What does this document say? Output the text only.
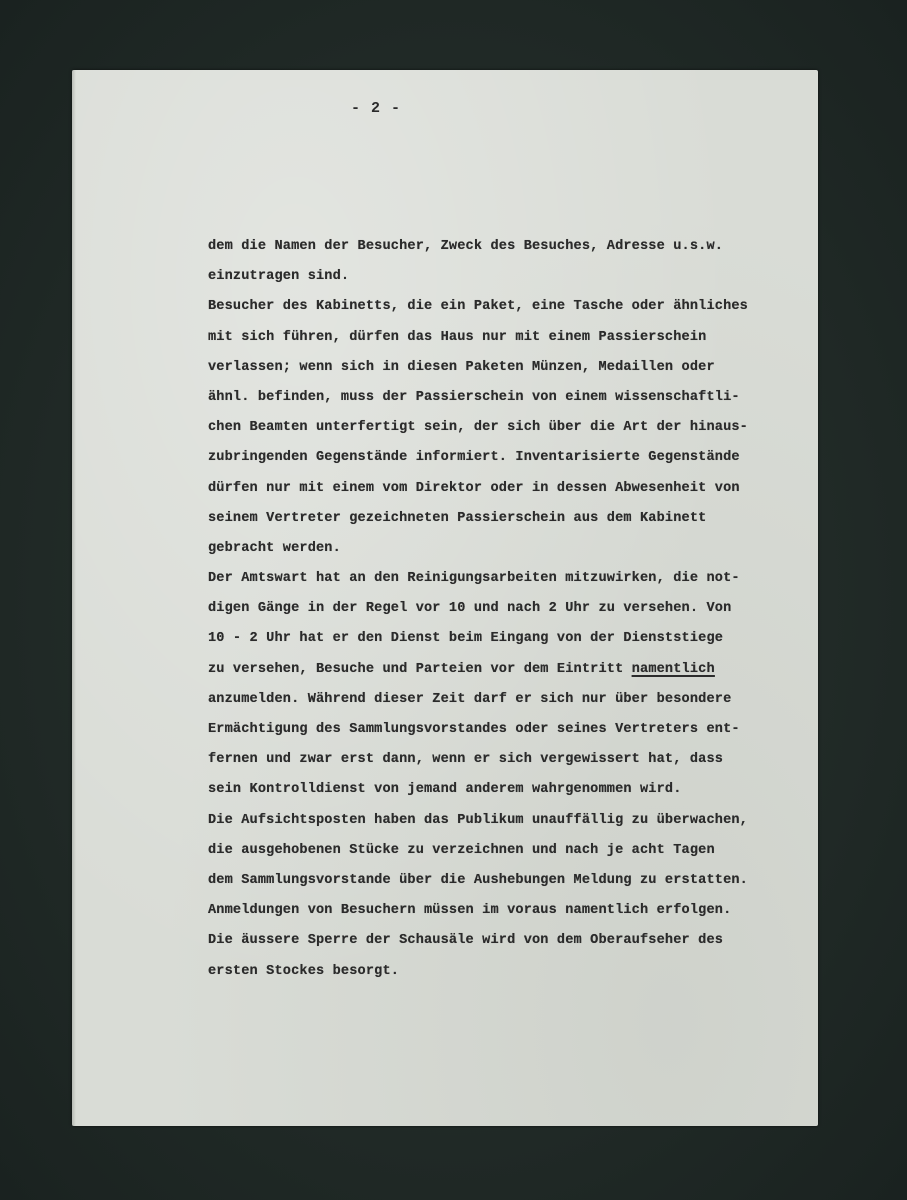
- 2 -
dem die Namen der Besucher, Zweck des Besuches, Adresse u.s.w.
einzutragen sind.
Besucher des Kabinetts, die ein Paket, eine Tasche oder ähnliches
mit sich führen, dürfen das Haus nur mit einem Passierschein
verlassen; wenn sich in diesen Paketen Münzen, Medaillen oder
ähnl. befinden, muss der Passierschein von einem wissenschaftli-
chen Beamten unterfertigt sein, der sich über die Art der hinaus-
zubringenden Gegenstände informiert. Inventarisierte Gegenstände
dürfen nur mit einem vom Direktor oder in dessen Abwesenheit von
seinem Vertreter gezeichneten Passierschein aus dem Kabinett
gebracht werden.
Der Amtswart hat an den Reinigungsarbeiten mitzuwirken, die not-
digen Gänge in der Regel vor 10 und nach 2 Uhr zu versehen. Von
10 - 2 Uhr hat er den Dienst beim Eingang von der Dienststiege
zu versehen, Besuche und Parteien vor dem Eintritt namentlich
anzumelden. Während dieser Zeit darf er sich nur über besondere
Ermächtigung des Sammlungsvorstandes oder seines Vertreters ent-
fernen und zwar erst dann, wenn er sich vergewissert hat, dass
sein Kontrolldienst von jemand anderem wahrgenommen wird.
Die Aufsichtsposten haben das Publikum unauffällig zu überwachen,
die ausgehobenen Stücke zu verzeichnen und nach je acht Tagen
dem Sammlungsvorstande über die Aushebungen Meldung zu erstatten.
Anmeldungen von Besuchern müssen im voraus namentlich erfolgen.
Die äussere Sperre der Schausäle wird von dem Oberaufseher des
ersten Stockes besorgt.
